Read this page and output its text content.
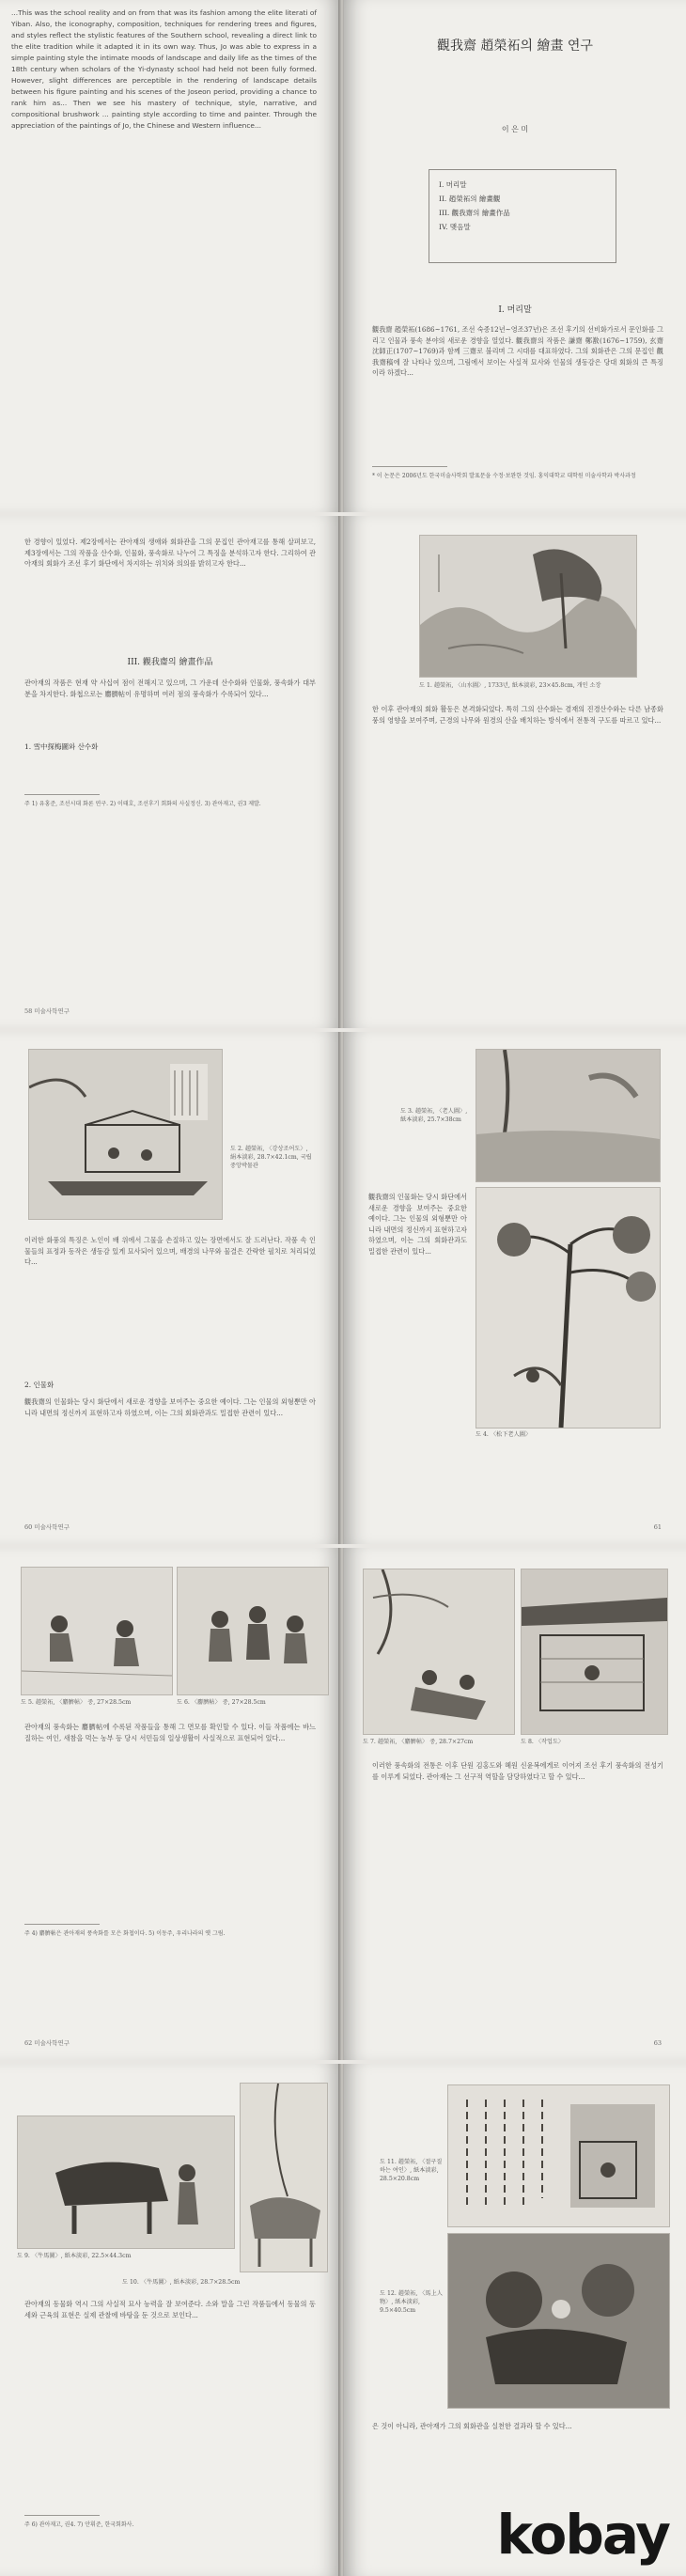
...This was the school reality and on from that was its fashion among the elite literati of Yiban. Also, the iconography, composition, techniques for rendering trees and figures, and styles reflect the stylistic features of the Southern school, revealing a direct link to the elite tradition while it adapted it in its own way. Thus, Jo was able to express in a simple painting style the intimate moods of landscape and daily life as the times of the 18th century when scholars of the Yi-dynasty school had held not been fully formed. However, slight differences are perceptible in the rendering of landscape details between his figure painting and his scenes of the Joseon period, providing a chance to rank him as... Then we see his mastery of technique, style, narrative, and compositional brushwork ... painting style according to time and painter. Through the appreciation of the paintings of Jo, the Chinese and Western influence...
觀我齋 趙榮祏의 繪畫 연구
이 은 미
I. 머리말
II. 趙榮祏의 繪畫觀
III. 觀我齋의 繪畫作品
IV. 맺음말
I. 머리말
觀我齋 趙榮祏(1686~1761, 조선 숙종12년~영조37년)은 조선 후기의 선비화가로서 문인화를 그리고 인물과 풍속 분야의 새로운 경향을 열었다. 觀我齋의 작품은 謙齋 鄭敾(1676~1759), 玄齋 沈師正(1707~1769)과 함께 三齋로 불리며 그 시대를 대표하였다. 그의 회화관은 그의 문집인 觀我齋稿에 잘 나타나 있으며, 그림에서 보이는 사실적 묘사와 인물의 생동감은 당대 회화의 큰 특징이라 하겠다...
* 이 논문은 2006년도 한국미술사학회 발표문을 수정·보완한 것임. 홍익대학교 대학원 미술사학과 박사과정
한 경향이 있었다. 제2장에서는 관아재의 생애와 회화관을 그의 문집인 관아재고를 통해 살펴보고, 제3장에서는 그의 작품을 산수화, 인물화, 풍속화로 나누어 그 특징을 분석하고자 한다. 그리하여 관아재의 회화가 조선 후기 화단에서 차지하는 위치와 의의를 밝히고자 한다...
III. 觀我齋의 繪畫作品
관아재의 작품은 현재 약 사십여 점이 전해지고 있으며, 그 가운데 산수화와 인물화, 풍속화가 대부분을 차지한다. 화첩으로는 麝臍帖이 유명하며 여러 점의 풍속화가 수록되어 있다...
1. 雪中探梅圖와 산수화
주 1) 유홍준, 조선시대 화론 연구. 2) 이태호, 조선후기 회화의 사실정신. 3) 관아재고, 권3 제발.
58 미술사학연구
도 1. 趙榮祏, 〈山水圖〉, 1733년, 紙本淡彩, 23×45.8cm, 개인 소장
한 이후 관아재의 회화 활동은 본격화되었다. 특히 그의 산수화는 겸재의 진경산수와는 다른 남종화풍의 영향을 보여주며, 근경의 나무와 원경의 산을 배치하는 방식에서 전통적 구도를 따르고 있다...
도 2. 趙榮祏, 〈강상조어도〉, 絹本淡彩, 28.7×42.1cm, 국립중앙박물관
이러한 화풍의 특징은 노인이 배 위에서 그물을 손질하고 있는 장면에서도 잘 드러난다. 작품 속 인물들의 표정과 동작은 생동감 있게 묘사되어 있으며, 배경의 나무와 물결은 간략한 필치로 처리되었다...
2. 인물화
觀我齋의 인물화는 당시 화단에서 새로운 경향을 보여주는 중요한 예이다. 그는 인물의 외형뿐만 아니라 내면의 정신까지 표현하고자 하였으며, 이는 그의 회화관과도 밀접한 관련이 있다...
60 미술사학연구
도 3. 趙榮祏, 〈老人圖〉, 紙本淡彩, 25.7×38cm
觀我齋의 인물화는 당시 화단에서 새로운 경향을 보여주는 중요한 예이다. 그는 인물의 외형뿐만 아니라 내면의 정신까지 표현하고자 하였으며, 이는 그의 회화관과도 밀접한 관련이 있다...
도 4. 〈松下老人圖〉
61
도 5. 趙榮祏, 〈麝臍帖〉 중, 27×28.5cm	도 6. 〈麝臍帖〉 중, 27×28.5cm
관아재의 풍속화는 麝臍帖에 수록된 작품들을 통해 그 면모를 확인할 수 있다. 이들 작품에는 바느질하는 여인, 새참을 먹는 농부 등 당시 서민들의 일상생활이 사실적으로 표현되어 있다...
주 4) 麝臍帖은 관아재의 풍속화를 모은 화첩이다. 5) 이동주, 우리나라의 옛 그림.
62 미술사학연구
도 7. 趙榮祏, 〈麝臍帖〉 중, 28.7×27cm	도 8. 〈작업도〉
이러한 풍속화의 전통은 이후 단원 김홍도와 혜원 신윤복에게로 이어져 조선 후기 풍속화의 전성기를 이루게 되었다. 관아재는 그 선구적 역할을 담당하였다고 할 수 있다...
63
도 9. 〈牛馬圖〉, 紙本淡彩, 22.5×44.3cm
도 10. 〈牛馬圖〉, 紙本淡彩, 28.7×28.5cm
관아재의 동물화 역시 그의 사실적 묘사 능력을 잘 보여준다. 소와 말을 그린 작품들에서 동물의 동세와 근육의 표현은 실제 관찰에 바탕을 둔 것으로 보인다...
주 6) 관아재고, 권4. 7) 안휘준, 한국회화사.
도 11. 趙榮祏, 〈절구질하는 여인〉, 紙本淡彩, 28.5×20.8cm
도 12. 趙榮祏, 〈馬上人物〉, 紙本淡彩, 9.5×40.5cm
은 것이 아니라, 관아재가 그의 회화관을 실천한 결과라 할 수 있다...
kobay
